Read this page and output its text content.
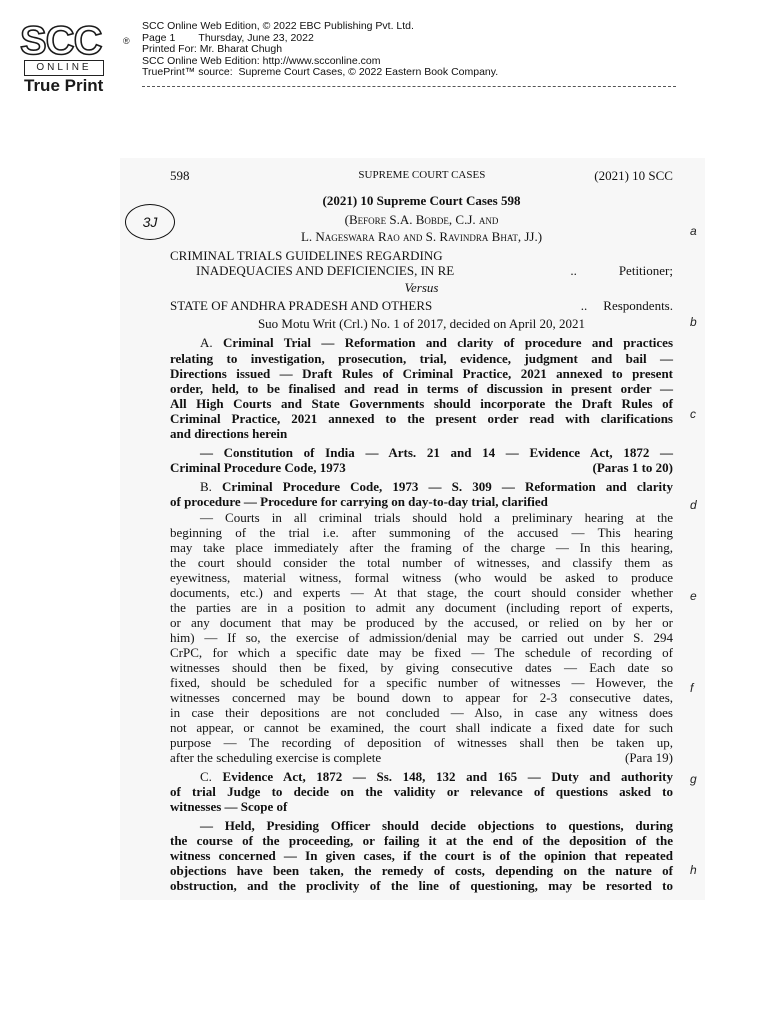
SCC ®
ONLINE
True Print
SCC Online Web Edition, © 2022 EBC Publishing Pvt. Ltd.
Page 1        Thursday, June 23, 2022
Printed For: Mr. Bharat Chugh
SCC Online Web Edition: http://www.scconline.com
TruePrint™ source:  Supreme Court Cases, © 2022 Eastern Book Company.
598	SUPREME COURT CASES	(2021) 10 SCC
3J
(2021) 10 Supreme Court Cases 598
(Before S.A. Bobde, C.J. and
L. Nageswara Rao and S. Ravindra Bhat, JJ.)
CRIMINAL TRIALS GUIDELINES REGARDING
INADEQUACIES AND DEFICIENCIES, IN RE	..	Petitioner;
Versus
STATE OF ANDHRA PRADESH AND OTHERS	.. Respondents.
Suo Motu Writ (Crl.) No. 1 of 2017, decided on April 20, 2021
A. Criminal Trial — Reformation and clarity of procedure and practices
relating to investigation, prosecution, trial, evidence, judgment and bail —
Directions issued — Draft Rules of Criminal Practice, 2021 annexed to present
order, held, to be finalised and read in terms of discussion in present order —
All High Courts and State Governments should incorporate the Draft Rules of
Criminal Practice, 2021 annexed to the present order read with clarifications
and directions herein
— Constitution of India — Arts. 21 and 14 — Evidence Act, 1872 —
Criminal Procedure Code, 1973	(Paras 1 to 20)
B. Criminal Procedure Code, 1973 — S. 309 — Reformation and clarity
of procedure — Procedure for carrying on day-to-day trial, clarified
— Courts in all criminal trials should hold a preliminary hearing at the
beginning of the trial i.e. after summoning of the accused — This hearing
may take place immediately after the framing of the charge — In this hearing,
the court should consider the total number of witnesses, and classify them as
eyewitness, material witness, formal witness (who would be asked to produce
documents, etc.) and experts — At that stage, the court should consider whether
the parties are in a position to admit any document (including report of experts,
or any document that may be produced by the accused, or relied on by her or
him) — If so, the exercise of admission/denial may be carried out under S. 294
CrPC, for which a specific date may be fixed — The schedule of recording of
witnesses should then be fixed, by giving consecutive dates — Each date so
fixed, should be scheduled for a specific number of witnesses — However, the
witnesses concerned may be bound down to appear for 2-3 consecutive dates,
in case their depositions are not concluded — Also, in case any witness does
not appear, or cannot be examined, the court shall indicate a fixed date for such
purpose — The recording of deposition of witnesses shall then be taken up,
after the scheduling exercise is complete	(Para 19)
C. Evidence Act, 1872 — Ss. 148, 132 and 165 — Duty and authority
of trial Judge to decide on the validity or relevance of questions asked to
witnesses — Scope of
— Held, Presiding Officer should decide objections to questions, during
the course of the proceeding, or failing it at the end of the deposition of the
witness concerned — In given cases, if the court is of the opinion that repeated
objections have been taken, the remedy of costs, depending on the nature of
obstruction, and the proclivity of the line of questioning, may be resorted to
a
b
c
d
e
f
g
h
